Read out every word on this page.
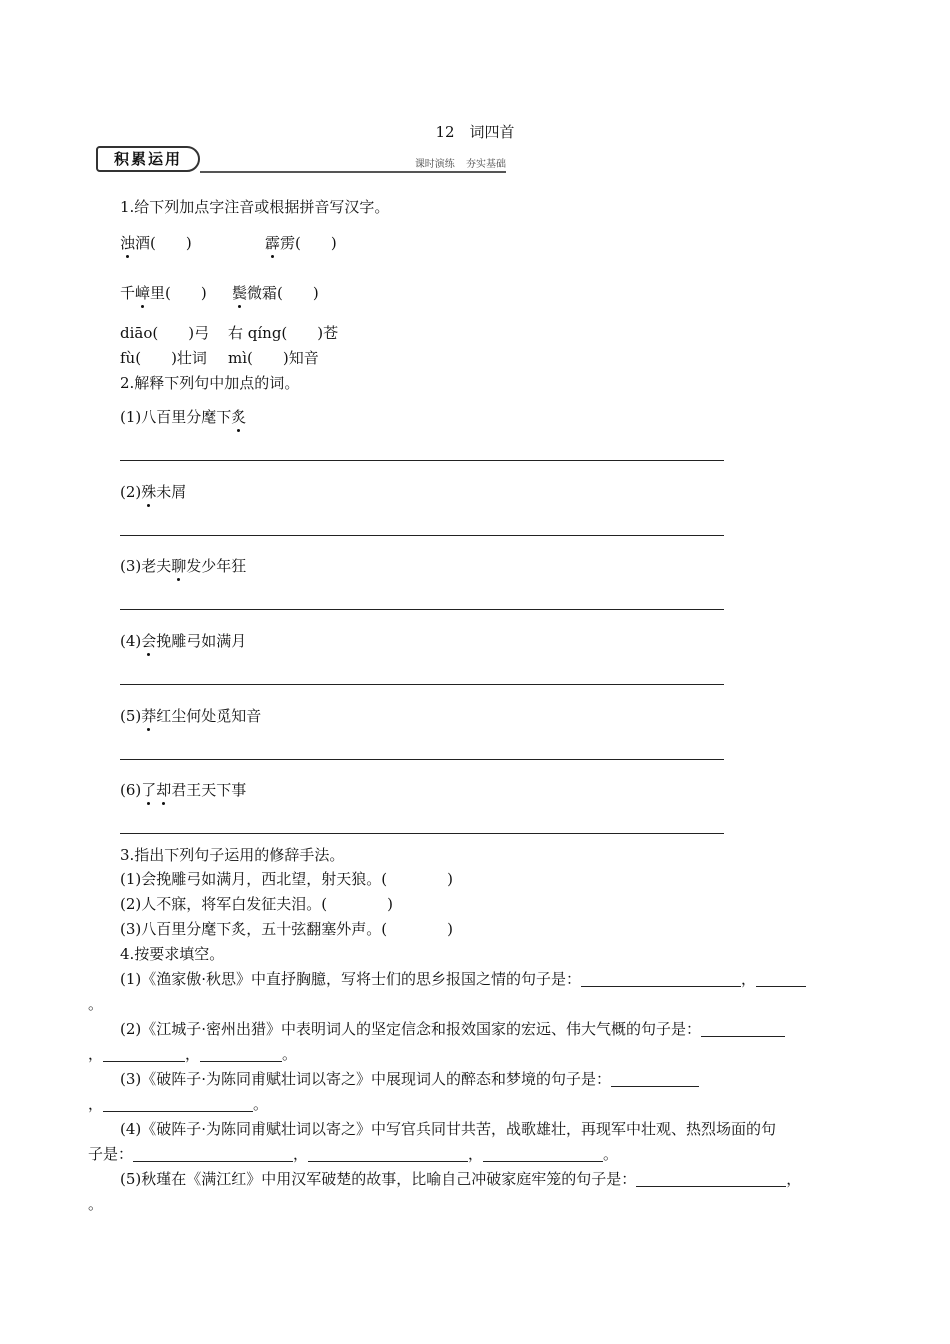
12　词四首
积累运用	课时演练 夯实基础
1.给下列加点字注音或根据拼音写汉字。
浊酒(　　)	霹雳(　　)
千嶂里(　　) 鬓微霜(　　)
diāo(　　)弓 右 qíng(　　)苍
fù(　　)壮词 mì(　　)知音
2.解释下列句中加点的词。
(1)八百里分麾下炙
(2)殊未屑
(3)老夫聊发少年狂
(4)会挽雕弓如满月
(5)莽红尘何处觅知音
(6)了却君王天下事
3.指出下列句子运用的修辞手法。
(1)会挽雕弓如满月，西北望，射天狼。(　　　　)
(2)人不寐，将军白发征夫泪。(　　　　)
(3)八百里分麾下炙，五十弦翻塞外声。(　　　　)
4.按要求填空。
(1)《渔家傲·秋思》中直抒胸臆，写将士们的思乡报国之情的句子是：	，
。
(2)《江城子·密州出猎》中表明词人的坚定信念和报效国家的宏远、伟大气概的句子是：
，	，	。
(3)《破阵子·为陈同甫赋壮词以寄之》中展现词人的醉态和梦境的句子是：
，	。
(4)《破阵子·为陈同甫赋壮词以寄之》中写官兵同甘共苦，战歌雄壮，再现军中壮观、热烈场面的句
子是：	，	，	。
(5)秋瑾在《满江红》中用汉军破楚的故事，比喻自己冲破家庭牢笼的句子是：	，
。
